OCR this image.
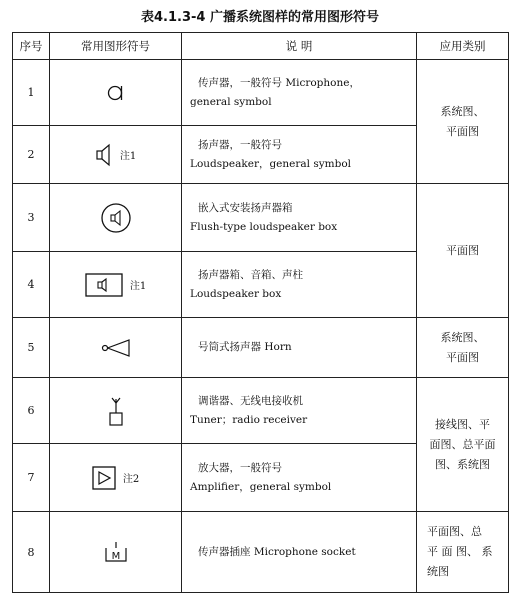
表4.1.3-4 广播系统图样的常用图形符号
序号	常用图形符号	说 明	应用类别
1		传声器，一般符号 Microphone，
general symbol	系统图、
平面图
2	注1	扬声器，一般符号
Loudspeaker，general symbol	

3		嵌入式安装扬声器箱
Flush-type loudspeaker box	平面图
4	注1	扬声器箱、音箱、声柱
Loudspeaker box	

5		号筒式扬声器 Horn	系统图、
平面图
6		调谐器、无线电接收机
Tuner；radio receiver	接线图、平
面图、总平面
图、系统图
7	注2	放大器，一般符号
Amplifier，general symbol	

8	M	传声器插座 Microphone socket	平面图、总
平 面 图、 系
统图
